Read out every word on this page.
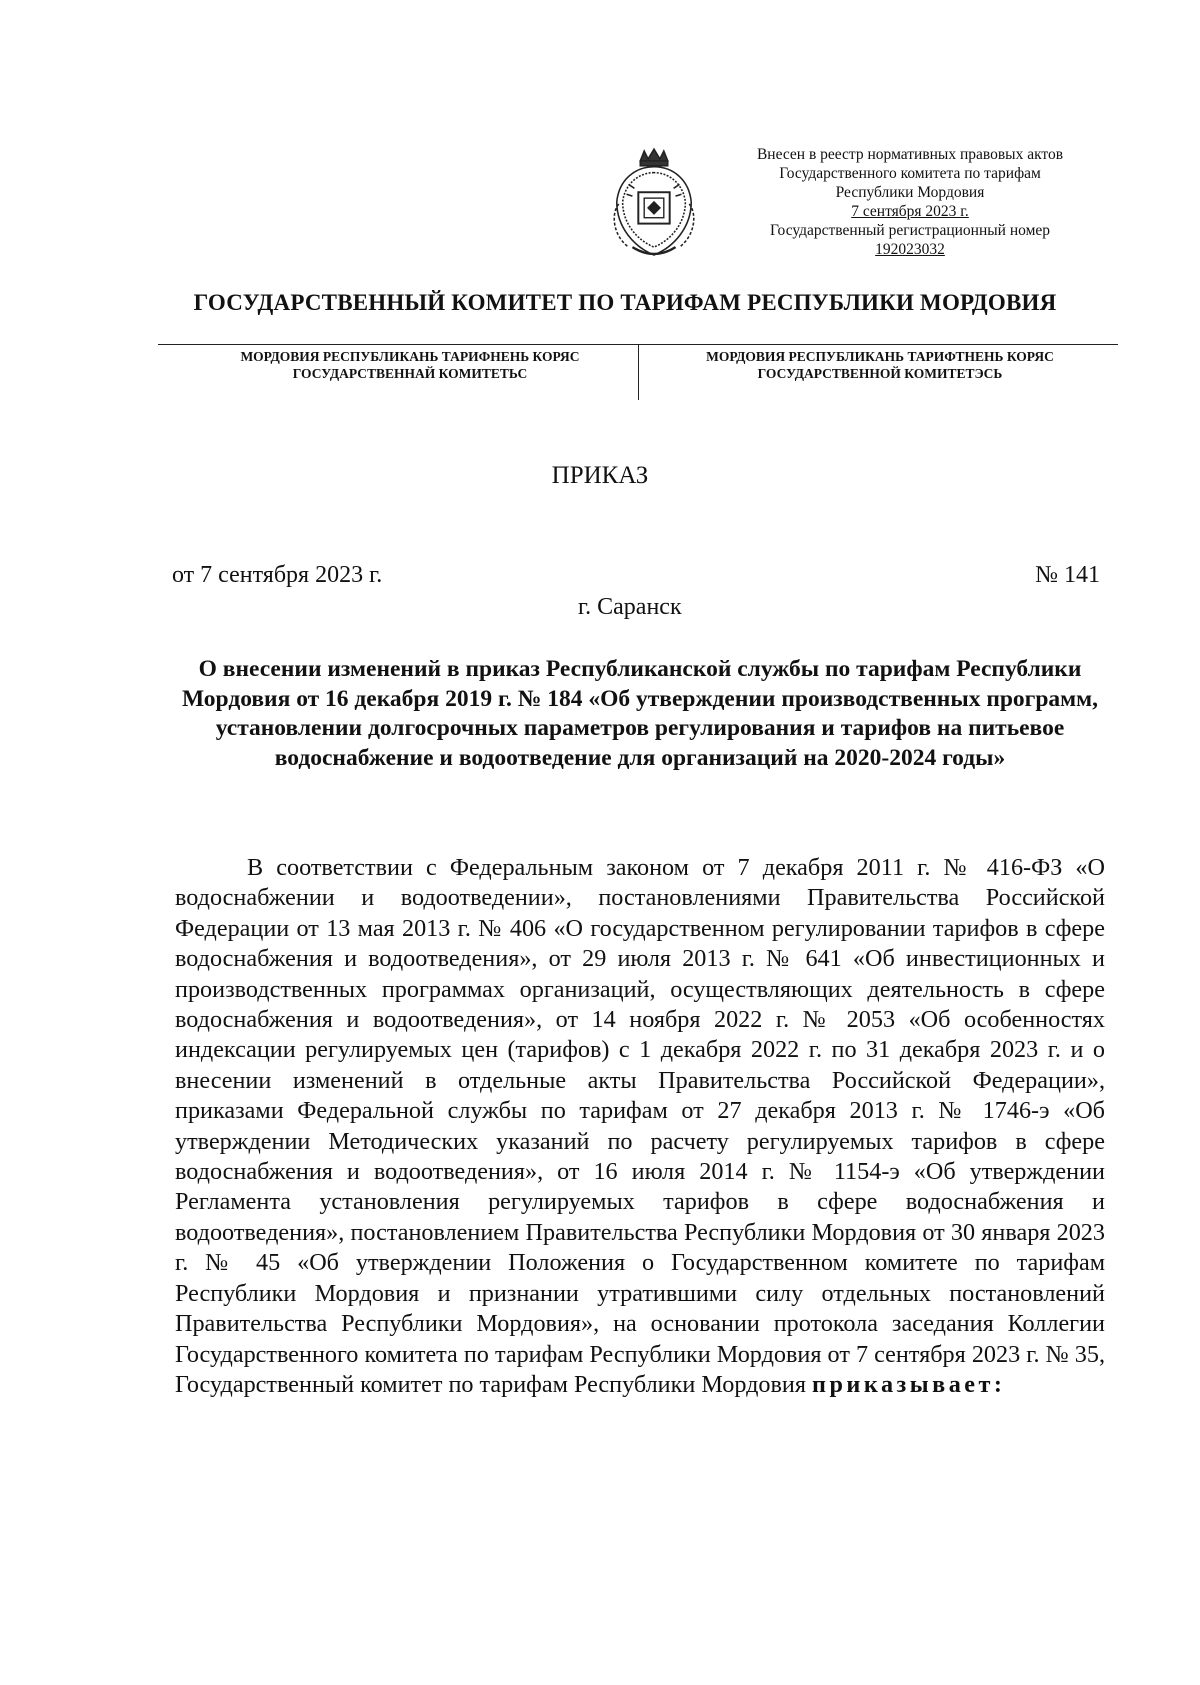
Внесен в реестр нормативных правовых актов
Государственного комитета по тарифам
Республики Мордовия
7 сентября 2023 г.
Государственный регистрационный номер
192023032
ГОСУДАРСТВЕННЫЙ КОМИТЕТ ПО ТАРИФАМ РЕСПУБЛИКИ МОРДОВИЯ
МОРДОВИЯ РЕСПУБЛИКАНЬ ТАРИФНЕНЬ КОРЯС ГОСУДАРСТВЕННАЙ КОМИТЕТЬС
МОРДОВИЯ РЕСПУБЛИКАНЬ ТАРИФТНЕНЬ КОРЯС ГОСУДАРСТВЕННОЙ КОМИТЕТЭСЬ
ПРИКАЗ
от 7 сентября 2023 г.	№ 141
г. Саранск
О внесении изменений в приказ Республиканской службы по тарифам Республики Мордовия от 16 декабря 2019 г. № 184 «Об утверждении производственных программ, установлении долгосрочных параметров регулирования и тарифов на питьевое водоснабжение и водоотведение для организаций на 2020-2024 годы»
В соответствии с Федеральным законом от 7 декабря 2011 г. № 416-ФЗ «О водоснабжении и водоотведении», постановлениями Правительства Российской Федерации от 13 мая 2013 г. № 406 «О государственном регулировании тарифов в сфере водоснабжения и водоотведения», от 29 июля 2013 г. № 641 «Об инвестиционных и производственных программах организаций, осуществляющих деятельность в сфере водоснабжения и водоотведения», от 14 ноября 2022 г. № 2053 «Об особенностях индексации регулируемых цен (тарифов) с 1 декабря 2022 г. по 31 декабря 2023 г. и о внесении изменений в отдельные акты Правительства Российской Федерации», приказами Федеральной службы по тарифам от 27 декабря 2013 г. № 1746-э «Об утверждении Методических указаний по расчету регулируемых тарифов в сфере водоснабжения и водоотведения», от 16 июля 2014 г. № 1154-э «Об утверждении Регламента установления регулируемых тарифов в сфере водоснабжения и водоотведения», постановлением Правительства Республики Мордовия от 30 января 2023 г. № 45 «Об утверждении Положения о Государственном комитете по тарифам Республики Мордовия и признании утратившими силу отдельных постановлений Правительства Республики Мордовия», на основании протокола заседания Коллегии Государственного комитета по тарифам Республики Мордовия от 7 сентября 2023 г. № 35, Государственный комитет по тарифам Республики Мордовия приказывает:
